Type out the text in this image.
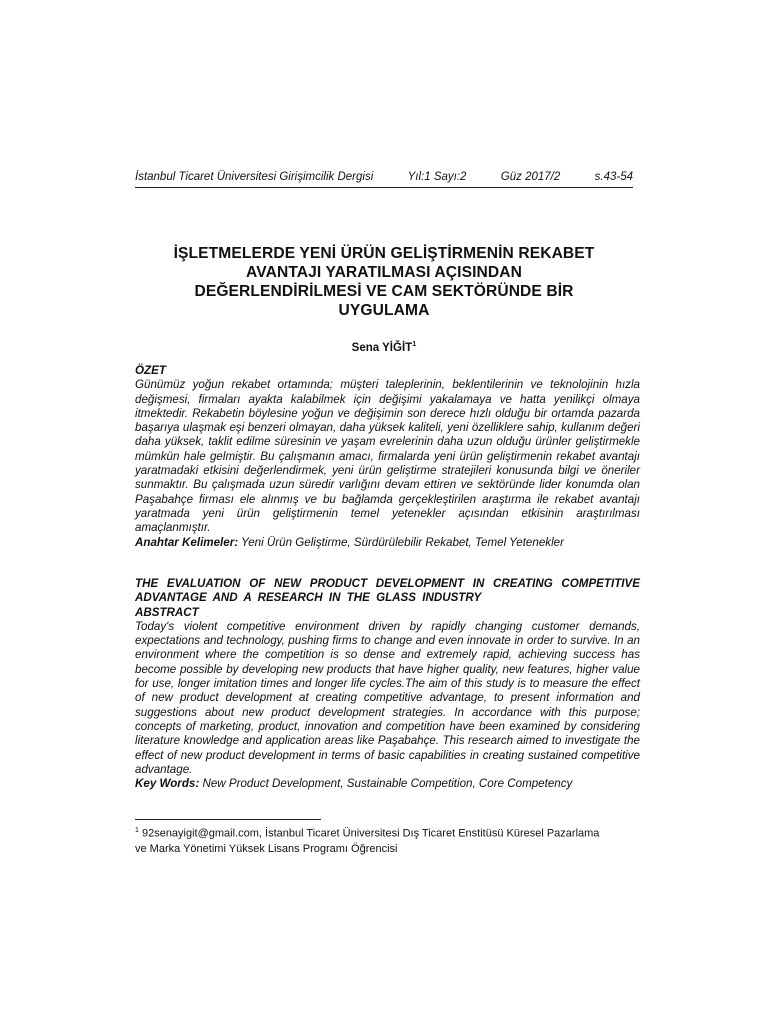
İstanbul Ticaret Üniversitesi Girişimcilik Dergisi	Yıl:1 Sayı:2	Güz 2017/2	s.43-54
İŞLETMELERDE YENİ ÜRÜN GELİŞTİRMENİN REKABET
AVANTAJI YARATILMASI AÇISINDAN
DEĞERLENDİRİLMESİ VE CAM SEKTÖRÜNDE BİR
UYGULAMA
Sena YİĞİT$^1$
ÖZET
Günümüz yoğun rekabet ortamında; müşteri taleplerinin, beklentilerinin ve teknolojinin hızla değişmesi, firmaları ayakta kalabilmek için değişimi yakalamaya ve hatta yenilikçi olmaya itmektedir. Rekabetin böylesine yoğun ve değişimin son derece hızlı olduğu bir ortamda pazarda başarıya ulaşmak eşi benzeri olmayan, daha yüksek kaliteli, yeni özelliklere sahip, kullanım değeri daha yüksek, taklit edilme süresinin ve yaşam evrelerinin daha uzun olduğu ürünler geliştirmekle mümkün hale gelmiştir. Bu çalışmanın amacı, firmalarda yeni ürün geliştirmenin rekabet avantajı yaratmadaki etkisini değerlendirmek, yeni ürün geliştirme stratejileri konusunda bilgi ve öneriler sunmaktır. Bu çalışmada uzun süredir varlığını devam ettiren ve sektöründe lider konumda olan Paşabahçe firması ele alınmış ve bu bağlamda gerçekleştirilen araştırma ile rekabet avantajı yaratmada yeni ürün geliştirmenin temel yetenekler açısından etkisinin araştırılması amaçlanmıştır.
Anahtar Kelimeler: Yeni Ürün Geliştirme, Sürdürülebilir Rekabet, Temel Yetenekler
THE EVALUATION OF NEW PRODUCT DEVELOPMENT IN CREATING COMPETITIVE ADVANTAGE AND A RESEARCH IN THE GLASS INDUSTRY
ABSTRACT
Today's violent competitive environment driven by rapidly changing customer demands, expectations and technology, pushing firms to change and even innovate in order to survive. In an environment where the competition is so dense and extremely rapid, achieving success has become possible by developing new products that have higher quality, new features, higher value for use, longer imitation times and longer life cycles.The aim of this study is to measure the effect of new product development at creating competitive advantage, to present information and suggestions about new product development strategies. In accordance with this purpose; concepts of marketing, product, innovation and competition have been examined by considering literature knowledge and application areas like Paşabahçe. This research aimed to investigate the effect of new product development in terms of basic capabilities in creating sustained competitive advantage.
Key Words: New Product Development, Sustainable Competition, Core Competency
$^1$ 92senayigit@gmail.com, İstanbul Ticaret Üniversitesi Dış Ticaret Enstitüsü Küresel Pazarlama
ve Marka Yönetimi Yüksek Lisans Programı Öğrencisi
